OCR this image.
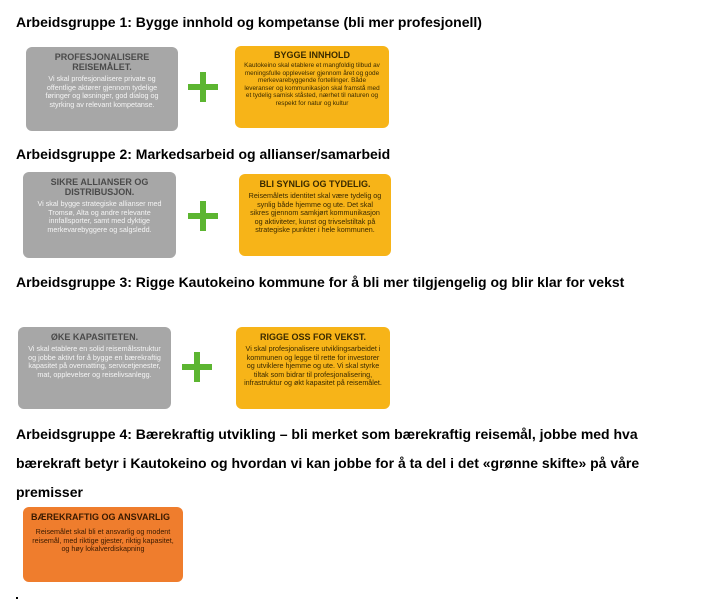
Arbeidsgruppe 1: Bygge innhold og kompetanse (bli mer profesjonell)

PROFESJONALISERE REISEMÅLET.

Vi skal profesjonalisere private og offentlige aktører gjennom tydelige føringer og løsninger, god dialog og styrking av relevant kompetanse.

BYGGE INNHOLD

Kautokeino skal etablere et mangfoldig tilbud av meningsfulle opplevelser gjennom året og gode merkevarebyggende fortellinger. Både leveranser og kommunikasjon skal framstå med et tydelig samisk ståsted, nærhet til naturen og respekt for natur og kultur

Arbeidsgruppe 2: Markedsarbeid og allianser/samarbeid

SIKRE ALLIANSER OG DISTRIBUSJON.

Vi skal bygge strategiske allianser med Tromsø, Alta og andre relevante innfallsporter, samt med dyktige merkevarebyggere og salgsledd.

BLI SYNLIG OG TYDELIG.

Reisemålets identitet skal være tydelig og synlig både hjemme og ute. Det skal sikres gjennom samkjørt kommunikasjon og aktiviteter, kunst og trivselstiltak på strategiske punkter i hele kommunen.

Arbeidsgruppe 3: Rigge Kautokeino kommune for å bli mer tilgjengelig og blir klar for vekst

ØKE KAPASITETEN.

Vi skal etablere en solid reisemålsstruktur og jobbe aktivt for å bygge en bærekraftig kapasitet på overnatting, servicetjenester, mat, opplevelser og reiselivsanlegg.

RIGGE OSS FOR VEKST.

Vi skal profesjonalisere utviklingsarbeidet i kommunen og legge til rette for investorer og utviklere hjemme og ute. Vi skal styrke tiltak som bidrar til profesjonalisering, infrastruktur og økt kapasitet på reisemålet.

Arbeidsgruppe 4: Bærekraftig utvikling – bli merket som bærekraftig reisemål, jobbe med hva bærekraft betyr i Kautokeino og hvordan vi kan jobbe for å ta del i det «grønne skifte» på våre premisser

BÆREKRAFTIG OG ANSVARLIG

Reisemålet skal bli et ansvarlig og modent reisemål, med riktige gjester, riktig kapasitet, og høy lokalverdiskapning
